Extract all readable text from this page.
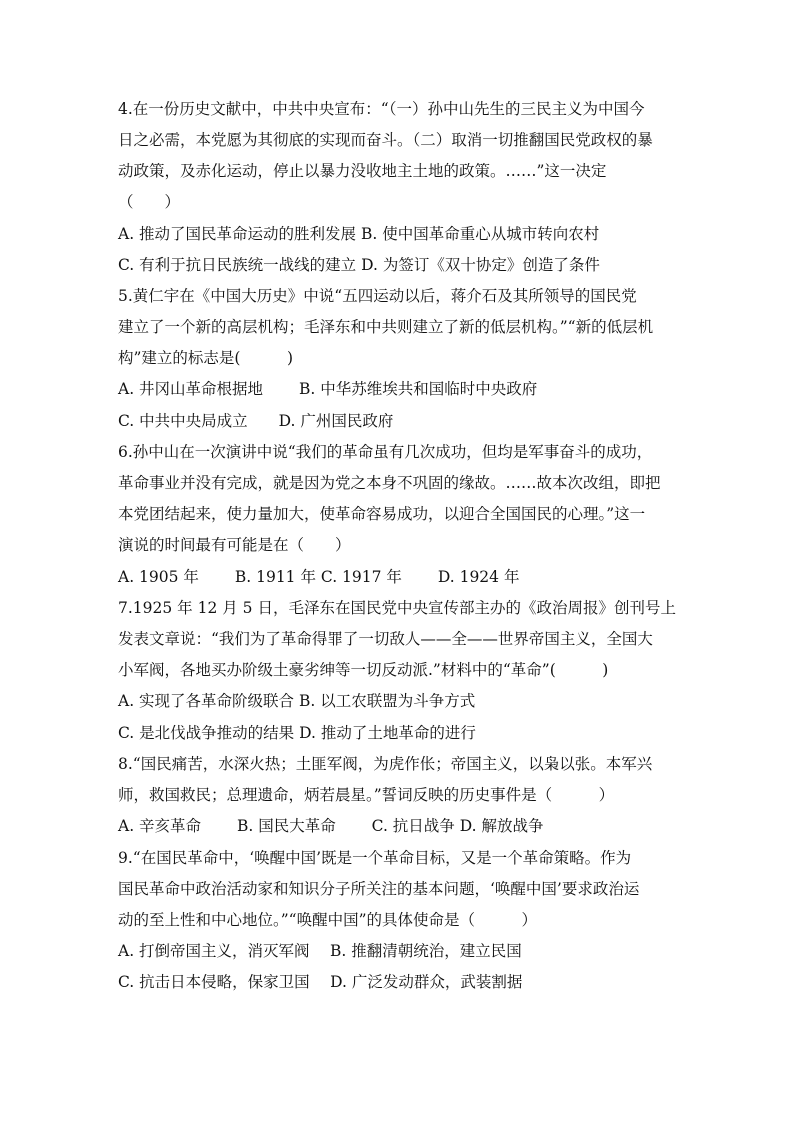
4.在一份历史文献中，中共中央宣布：“（一）孙中山先生的三民主义为中国今
日之必需，本党愿为其彻底的实现而奋斗。（二）取消一切推翻国民党政权的暴
动政策，及赤化运动，停止以暴力没收地主土地的政策。……”这一决定
（　　）
A. 推动了国民革命运动的胜利发展 B. 使中国革命重心从城市转向农村
C. 有利于抗日民族统一战线的建立 D. 为签订《双十协定》创造了条件
5.黄仁宇在《中国大历史》中说“五四运动以后，蒋介石及其所领导的国民党
建立了一个新的高层机构；毛泽东和中共则建立了新的低层机构。”“新的低层机
构”建立的标志是(　　　)
A. 井冈山革命根据地　　 B. 中华苏维埃共和国临时中央政府
C. 中共中央局成立　　D. 广州国民政府
6.孙中山在一次演讲中说“我们的革命虽有几次成功，但均是军事奋斗的成功，
革命事业并没有完成，就是因为党之本身不巩固的缘故。……故本次改组，即把
本党团结起来，使力量加大，使革命容易成功，以迎合全国国民的心理。”这一
演说的时间最有可能是在（　　）
A. 1905 年　　 B. 1911 年 C. 1917 年　　 D. 1924 年
7.1925 年 12 月 5 日，毛泽东在国民党中央宣传部主办的《政治周报》创刊号上
发表文章说：“我们为了革命得罪了一切敌人——全——世界帝国主义，全国大
小军阀，各地买办阶级土豪劣绅等一切反动派.”材料中的“革命”(　　　)
A. 实现了各革命阶级联合 B. 以工农联盟为斗争方式
C. 是北伐战争推动的结果 D. 推动了土地革命的进行
8.“国民痛苦，水深火热；土匪军阀，为虎作伥；帝国主义，以枭以张。本军兴
师，救国救民；总理遗命，炳若晨星。”誓词反映的历史事件是（　　　）
A. 辛亥革命　　 B. 国民大革命　　 C. 抗日战争 D. 解放战争
9.“在国民革命中，‘唤醒中国’既是一个革命目标，又是一个革命策略。作为
国民革命中政治活动家和知识分子所关注的基本问题，‘唤醒中国’要求政治运
动的至上性和中心地位。”“唤醒中国”的具体使命是（　　　）
A. 打倒帝国主义，消灭军阀　 B. 推翻清朝统治，建立民国
C. 抗击日本侵略，保家卫国　 D. 广泛发动群众，武装割据
